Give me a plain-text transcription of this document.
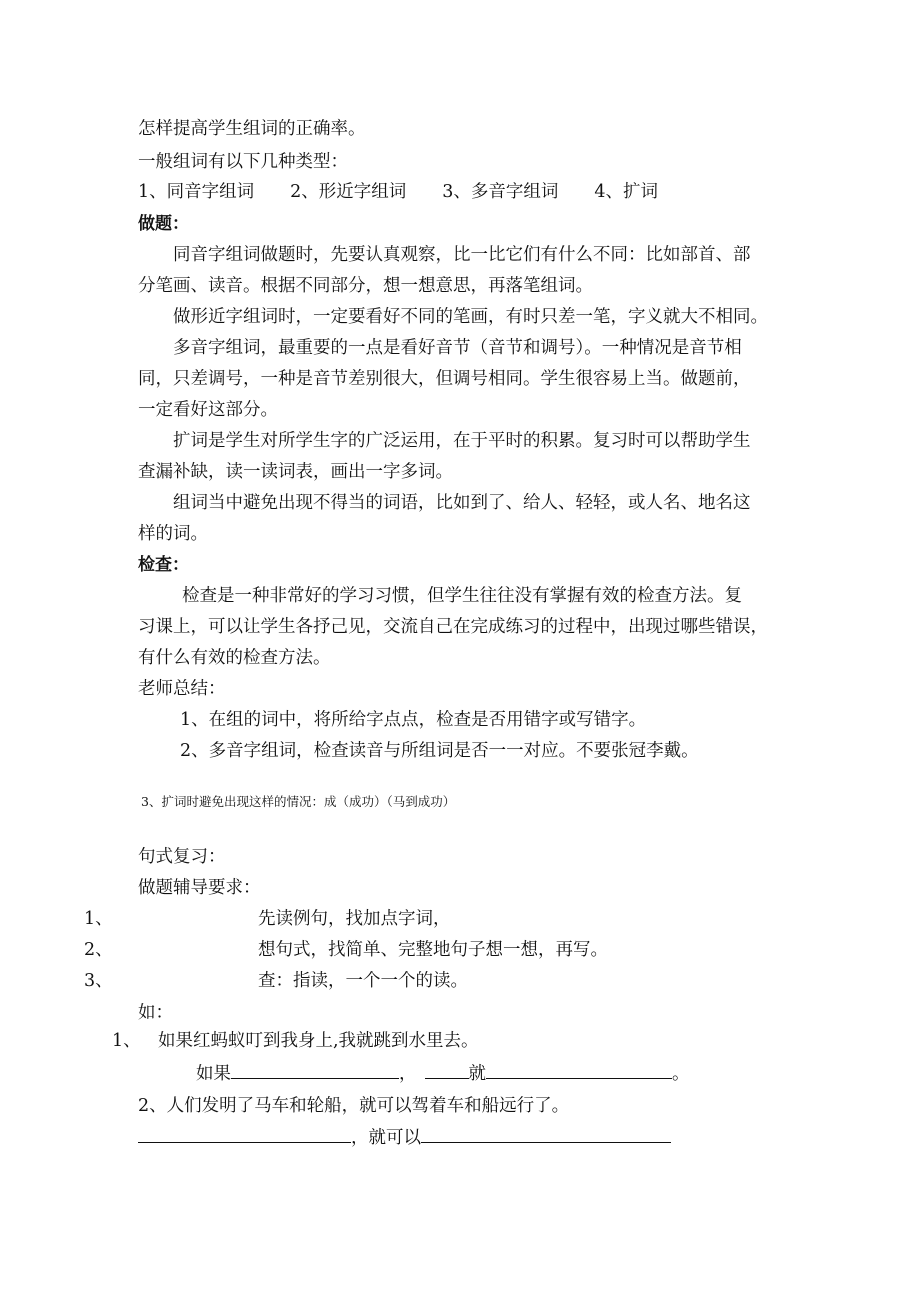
怎样提高学生组词的正确率。
一般组词有以下几种类型：
1、同音字组词 2、形近字组词 3、多音字组词 4、扩词
做题：
同音字组词做题时，先要认真观察，比一比它们有什么不同：比如部首、部
分笔画、读音。根据不同部分，想一想意思，再落笔组词。
做形近字组词时，一定要看好不同的笔画，有时只差一笔，字义就大不相同。
多音字组词，最重要的一点是看好音节（音节和调号）。一种情况是音节相
同，只差调号，一种是音节差别很大，但调号相同。学生很容易上当。做题前，
一定看好这部分。
扩词是学生对所学生字的广泛运用，在于平时的积累。复习时可以帮助学生
查漏补缺，读一读词表，画出一字多词。
组词当中避免出现不得当的词语，比如到了、给人、轻轻，或人名、地名这
样的词。
检查：
检查是一种非常好的学习习惯，但学生往往没有掌握有效的检查方法。复
习课上，可以让学生各抒己见，交流自己在完成练习的过程中，出现过哪些错误，
有什么有效的检查方法。
老师总结：
1、在组的词中，将所给字点点，检查是否用错字或写错字。
2、多音字组词，检查读音与所组词是否一一对应。不要张冠李戴。
3、扩词时避免出现这样的情况：成（成功）（马到成功）
句式复习：
做题辅导要求：
1、	先读例句，找加点字词，
2、	想句式，找简单、完整地句子想一想，再写。
3、	查：指读，一个一个的读。
如：
1、 如果红蚂蚁叮到我身上,我就跳到水里去。
如果	，	就	。
2、人们发明了马车和轮船，就可以驾着车和船远行了。
，就可以
